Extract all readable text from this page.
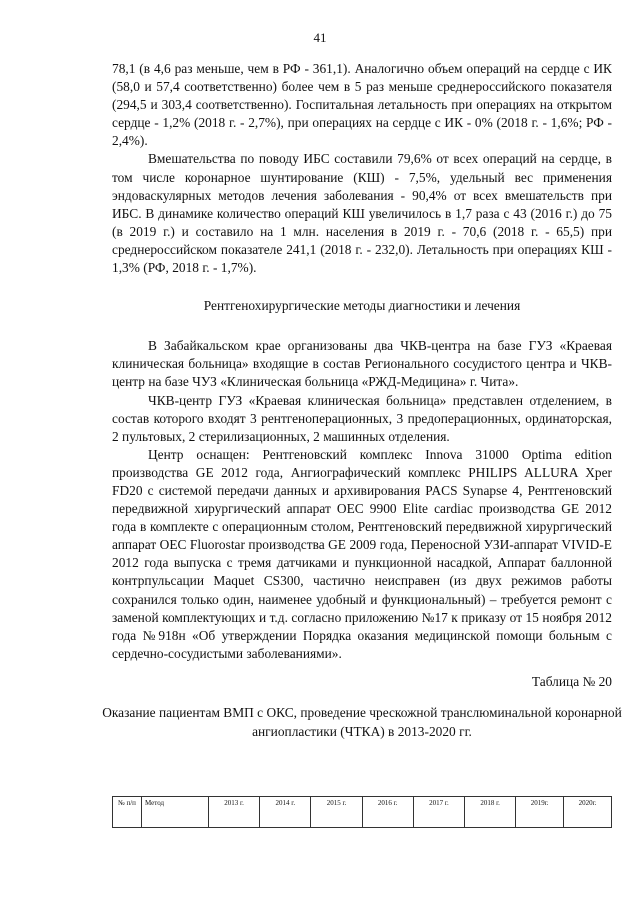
41

78,1 (в 4,6 раз меньше, чем в РФ - 361,1). Аналогично объем операций на сердце с ИК (58,0 и 57,4 соответственно) более чем в 5 раз меньше среднероссийского показателя (294,5 и 303,4 соответственно). Госпитальная летальность при операциях на открытом сердце - 1,2% (2018 г. - 2,7%), при операциях на сердце с ИК - 0% (2018 г. - 1,6%; РФ - 2,4%).

Вмешательства по поводу ИБС составили 79,6% от всех операций на сердце, в том числе коронарное шунтирование (КШ) - 7,5%, удельный вес применения эндоваскулярных методов лечения заболевания - 90,4% от всех вмешательств при ИБС. В динамике количество операций КШ увеличилось в 1,7 раза с 43 (2016 г.) до 75 (в 2019 г.) и составило на 1 млн. населения в 2019 г. - 70,6 (2018 г. - 65,5) при среднероссийском показателе 241,1 (2018 г. - 232,0). Летальность при операциях КШ - 1,3% (РФ, 2018 г. - 1,7%).

Рентгенохирургические методы диагностики и лечения

В Забайкальском крае организованы два ЧКВ-центра на базе ГУЗ «Краевая клиническая больница» входящие в состав Регионального сосудистого центра и ЧКВ-центр на базе ЧУЗ «Клиническая больница «РЖД-Медицина» г. Чита».

ЧКВ-центр ГУЗ «Краевая клиническая больница» представлен отделением, в состав которого входят 3 рентгеноперационных, 3 предоперационных, ординаторская, 2 пультовых, 2 стерилизационных, 2 машинных отделения.

Центр оснащен: Рентгеновский комплекс Innova 31000 Optima edition производства GE 2012 года, Ангиографический комплекс PHILIPS ALLURA Xper FD20 с системой передачи данных и архивирования PACS Synapse 4, Рентгеновский передвижной хирургический аппарат OEC 9900 Elite cardiac производства GE 2012 года в комплекте с операционным столом, Рентгеновский передвижной хирургический аппарат OEC Fluorostar производства GE 2009 года, Переносной УЗИ-аппарат VIVID-E 2012 года выпуска с тремя датчиками и пункционной насадкой, Аппарат баллонной контрпульсации Maquet CS300, частично неисправен (из двух режимов работы сохранился только один, наименее удобный и функциональный) – требуется ремонт с заменой комплектующих и т.д. согласно приложению №17 к приказу от 15 ноября 2012 года №918н «Об утверждении Порядка оказания медицинской помощи больным с сердечно-сосудистыми заболеваниями».

Таблица № 20

Оказание пациентам ВМП с ОКС, проведение чрескожной транслюминальной коронарной ангиопластики (ЧТКА) в 2013-2020 гг.

№ п/п	Метод	2013 г.	2014 г.	2015 г.	2016 г.	2017 г.	2018 г.	2019г.	2020г.
